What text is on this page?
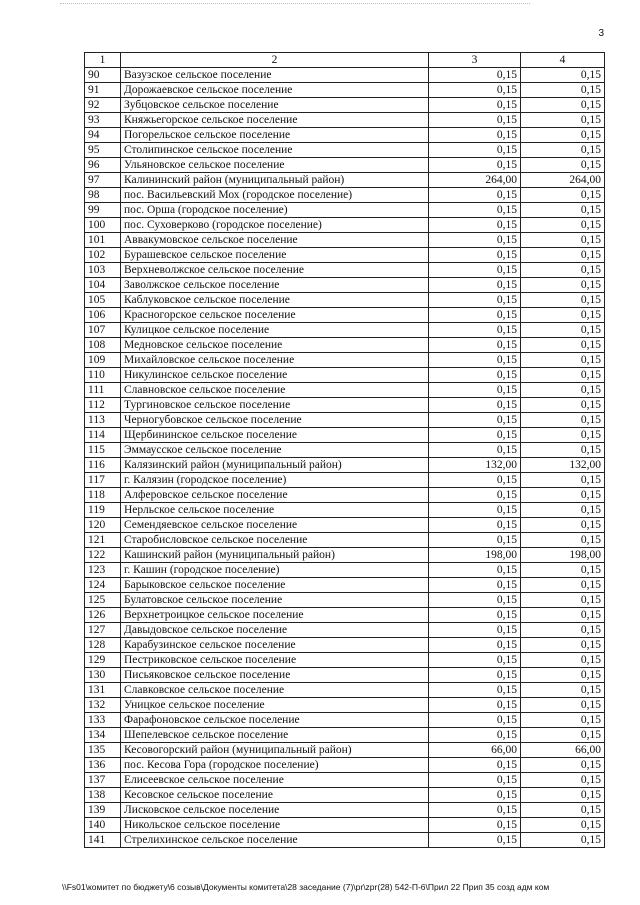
3
1	2	3	4
90	Вазузское сельское поселение	0,15	0,15
91	Дорожаевское сельское поселение	0,15	0,15
92	Зубцовское сельское поселение	0,15	0,15
93	Княжьегорское сельское поселение	0,15	0,15
94	Погорельское сельское поселение	0,15	0,15
95	Столипинское сельское поселение	0,15	0,15
96	Ульяновское сельское поселение	0,15	0,15
97	Калининский район (муниципальный район)	264,00	264,00
98	пос. Васильевский Мох (городское поселение)	0,15	0,15
99	пос. Орша (городское поселение)	0,15	0,15
100	пос. Суховерково (городское поселение)	0,15	0,15
101	Аввакумовское сельское поселение	0,15	0,15
102	Бурашевское сельское поселение	0,15	0,15
103	Верхневолжское сельское поселение	0,15	0,15
104	Заволжское сельское поселение	0,15	0,15
105	Каблуковское сельское поселение	0,15	0,15
106	Красногорское сельское поселение	0,15	0,15
107	Кулицкое сельское поселение	0,15	0,15
108	Медновское сельское поселение	0,15	0,15
109	Михайловское сельское поселение	0,15	0,15
110	Никулинское сельское поселение	0,15	0,15
111	Славновское сельское поселение	0,15	0,15
112	Тургиновское сельское поселение	0,15	0,15
113	Черногубовское сельское поселение	0,15	0,15
114	Щербининское сельское поселение	0,15	0,15
115	Эммаусское сельское поселение	0,15	0,15
116	Калязинский район (муниципальный район)	132,00	132,00
117	г. Калязин (городское поселение)	0,15	0,15
118	Алферовское сельское поселение	0,15	0,15
119	Нерльское сельское поселение	0,15	0,15
120	Семендяевское сельское поселение	0,15	0,15
121	Старобисловское сельское поселение	0,15	0,15
122	Кашинский район (муниципальный район)	198,00	198,00
123	г. Кашин (городское поселение)	0,15	0,15
124	Барыковское сельское поселение	0,15	0,15
125	Булатовское сельское поселение	0,15	0,15
126	Верхнетроицкое сельское поселение	0,15	0,15
127	Давыдовское сельское поселение	0,15	0,15
128	Карабузинское сельское поселение	0,15	0,15
129	Пестриковское сельское поселение	0,15	0,15
130	Письяковское сельское поселение	0,15	0,15
131	Славковское сельское поселение	0,15	0,15
132	Уницкое сельское поселение	0,15	0,15
133	Фарафоновское сельское поселение	0,15	0,15
134	Шепелевское сельское поселение	0,15	0,15
135	Кесовогорский район (муниципальный район)	66,00	66,00
136	пос. Кесова Гора (городское поселение)	0,15	0,15
137	Елисеевское сельское поселение	0,15	0,15
138	Кесовское сельское поселение	0,15	0,15
139	Лисковское сельское поселение	0,15	0,15
140	Никольское сельское поселение	0,15	0,15
141	Стрелихинское сельское поселение	0,15	0,15
\\Fs01\комитет по бюджету\6 созыв\Документы комитета\28 заседание (7)\pr\zpr(28) 542-П-6\Прил 22 Прип 35 созд адм ком
